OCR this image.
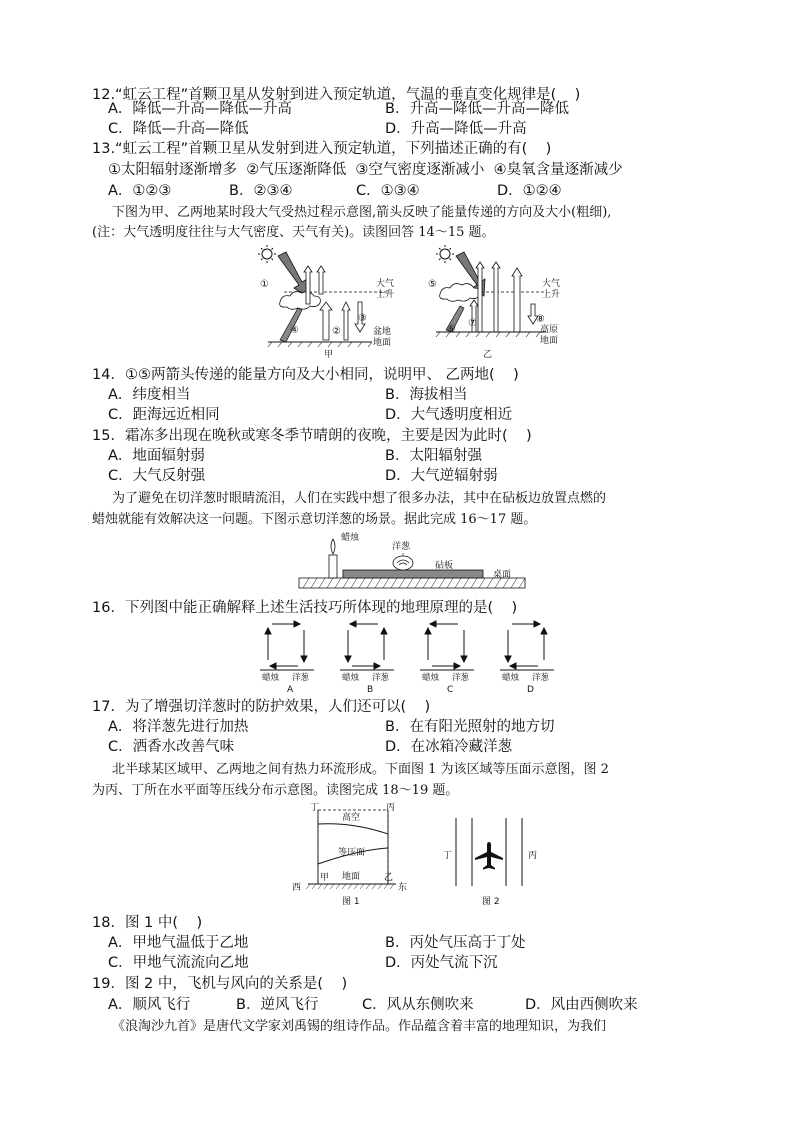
12.“虹云工程”首颗卫星从发射到进入预定轨道，气温的垂直变化规律是(    )
A．降低—升高—降低—升高	B．升高—降低—升高—降低
C．降低—升高—降低	D．升高—降低—升高
13.“虹云工程”首颗卫星从发射到进入预定轨道，下列描述正确的有(    )
①太阳辐射逐渐增多  ②气压逐渐降低  ③空气密度逐渐减小  ④臭氧含量逐渐减少
A．①②③	B．②③④	C．①③④	D．①②④
下图为甲、乙两地某时段大气受热过程示意图,箭头反映了能量传递的方向及大小(粗细),
(注：大气透明度往往与大气密度、天气有关)。读图回答 14～15 题。
①
②
③
④
大气
上升
盆地
地面
甲
⑤
⑥
⑦	⑧
大气
上升
高原
地面
乙
14．①⑤两箭头传递的能量方向及大小相同，说明甲、 乙两地(    )
A．纬度相当	B．海拔相当
C．距海远近相同	D．大气透明度相近
15．霜冻多出现在晚秋或寒冬季节晴朗的夜晚，主要是因为此时(    )
A．地面辐射弱	B．太阳辐射强
C．大气反射强	D．大气逆辐射弱
为了避免在切洋葱时眼睛流泪，人们在实践中想了很多办法，其中在砧板边放置点燃的
蜡烛就能有效解决这一问题。下图示意切洋葱的场景。据此完成 16～17 题。
蜡烛
洋葱
砧板
桌面
16．下列图中能正确解释上述生活技巧所体现的地理原理的是(    )
蜡烛 洋葱	蜡烛 洋葱	蜡烛 洋葱	蜡烛 洋葱
A	B	C	D
17．为了增强切洋葱时的防护效果，人们还可以(    )
A．将洋葱先进行加热	B．在有阳光照射的地方切
C．洒香水改善气味	D．在冰箱冷藏洋葱
北半球某区域甲、乙两地之间有热力环流形成。下面图 1 为该区域等压面示意图，图 2
为丙、丁所在水平面等压线分布示意图。读图完成 18～19 题。
丁	丙
高空
等压面
地面
西
甲	乙
东
图 1
丁	丙
图 2
18．图 1 中(    )
A．甲地气温低于乙地	B．丙处气压高于丁处
C．甲地气流流向乙地	D．丙处气流下沉
19．图 2 中，飞机与风向的关系是(    )
A．顺风飞行	B．逆风飞行	C．风从东侧吹来	D．风由西侧吹来
《浪淘沙九首》是唐代文学家刘禹锡的组诗作品。作品蕴含着丰富的地理知识，为我们
